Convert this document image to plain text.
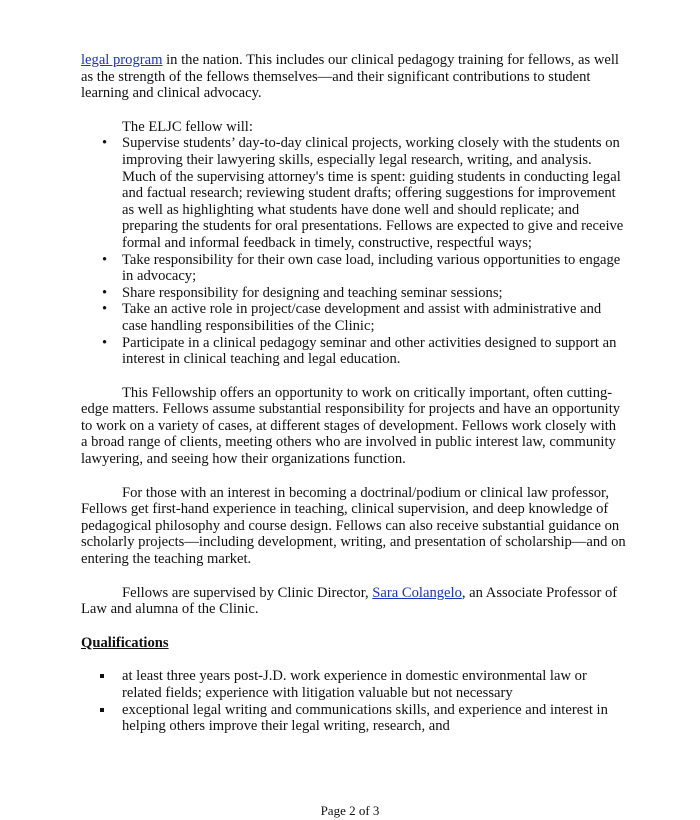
legal program in the nation. This includes our clinical pedagogy training for fellows, as well as the strength of the fellows themselves—and their significant contributions to student learning and clinical advocacy.

The ELJC fellow will:

• Supervise students’ day-to-day clinical projects, working closely with the students on improving their lawyering skills, especially legal research, writing, and analysis. Much of the supervising attorney's time is spent: guiding students in conducting legal and factual research; reviewing student drafts; offering suggestions for improvement as well as highlighting what students have done well and should replicate; and preparing the students for oral presentations. Fellows are expected to give and receive formal and informal feedback in timely, constructive, respectful ways;
• Take responsibility for their own case load, including various opportunities to engage in advocacy;
• Share responsibility for designing and teaching seminar sessions;
• Take an active role in project/case development and assist with administrative and case handling responsibilities of the Clinic;
• Participate in a clinical pedagogy seminar and other activities designed to support an interest in clinical teaching and legal education.

This Fellowship offers an opportunity to work on critically important, often cutting-edge matters. Fellows assume substantial responsibility for projects and have an opportunity to work on a variety of cases, at different stages of development. Fellows work closely with a broad range of clients, meeting others who are involved in public interest law, community lawyering, and seeing how their organizations function.

For those with an interest in becoming a doctrinal/podium or clinical law professor, Fellows get first-hand experience in teaching, clinical supervision, and deep knowledge of pedagogical philosophy and course design. Fellows can also receive substantial guidance on scholarly projects—including development, writing, and presentation of scholarship—and on entering the teaching market.

Fellows are supervised by Clinic Director, Sara Colangelo, an Associate Professor of Law and alumna of the Clinic.

Qualifications
at least three years post-J.D. work experience in domestic environmental law or related fields; experience with litigation valuable but not necessary
exceptional legal writing and communications skills, and experience and interest in helping others improve their legal writing, research, and
Page 2 of 3
